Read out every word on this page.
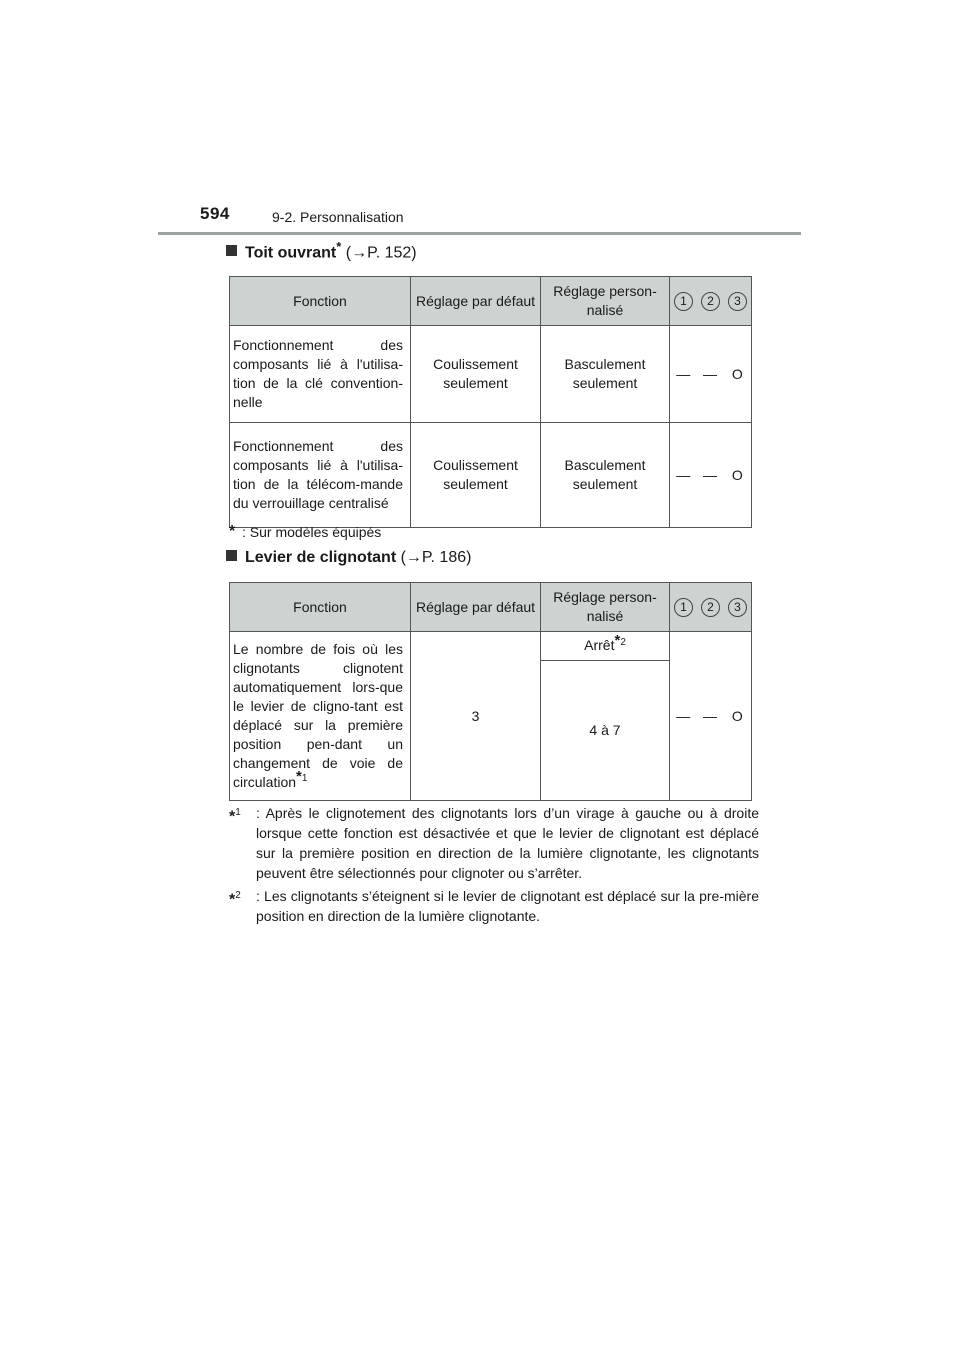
594	9-2. Personnalisation
Toit ouvrant* (→P. 152)
Fonction	Réglage par défaut	Réglage person-nalisé	1 2 3		

Fonctionnement des composants lié à l'utilisa-tion de la clé convention-nelle	Coulissement seulement	Basculement seulement	—	—	O
Fonctionnement des composants lié à l'utilisa-tion de la télécom-mande du verrouillage centralisé	Coulissement seulement	Basculement seulement	—	—	O
* : Sur modèles équipés
Levier de clignotant (→P. 186)
Fonction	Réglage par défaut	Réglage person-nalisé	1 2 3		

Le nombre de fois où les clignotants clignotent automatiquement lors-que le levier de cligno-tant est déplacé sur la première position pen-dant un changement de voie de circulation$^{*1}$	3	Arrêt$^{*2}$	—	—	O
		4 à 7			
*$^1$	: Après le clignotement des clignotants lors d’un virage à gauche ou à droite lorsque cette fonction est désactivée et que le levier de clignotant est déplacé sur la première position en direction de la lumière clignotante, les clignotants peuvent être sélectionnés pour clignoter ou s’arrêter.
*$^2$	: Les clignotants s’éteignent si le levier de clignotant est déplacé sur la pre-mière position en direction de la lumière clignotante.
